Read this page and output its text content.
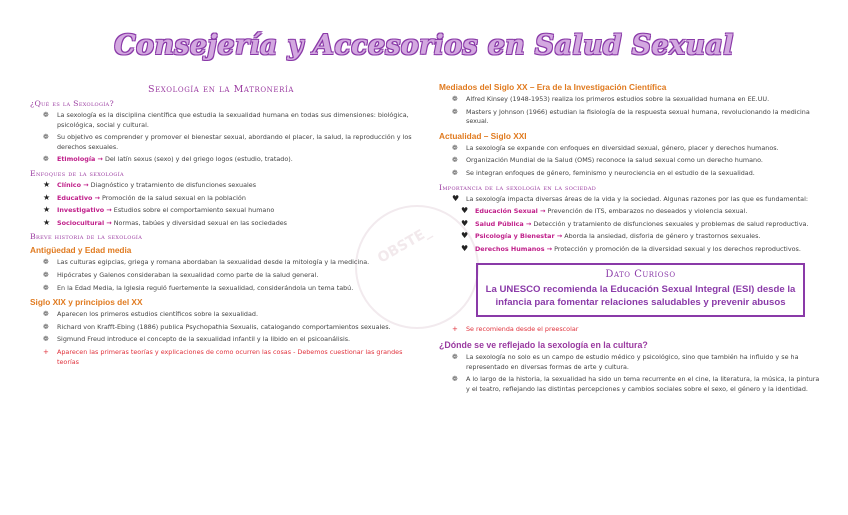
Consejería y Accesorios en Salud Sexual
OBSTE_
Sexología en la Matronería
¿Qué es la Sexología?
❁ La sexología es la disciplina científica que estudia la sexualidad humana en todas sus dimensiones: biológica, psicológica, social y cultural.
❁ Su objetivo es comprender y promover el bienestar sexual, abordando el placer, la salud, la reproducción y los derechos sexuales.
❁ Etimología → Del latín sexus (sexo) y del griego logos (estudio, tratado).
Enfoques de la sexología
★ Clínico → Diagnóstico y tratamiento de disfunciones sexuales
★ Educativo → Promoción de la salud sexual en la población
★ Investigativo → Estudios sobre el comportamiento sexual humano
★ Sociocultural → Normas, tabúes y diversidad sexual en las sociedades
Breve historia de la sexología
Antigüedad y Edad media
❁ Las culturas egipcias, griega y romana abordaban la sexualidad desde la mitología y la medicina.
❁ Hipócrates y Galenos consideraban la sexualidad como parte de la salud general.
❁ En la Edad Media, la Iglesia reguló fuertemente la sexualidad, considerándola un tema tabú.
Siglo XIX y principios del XX
❁ Aparecen los primeros estudios científicos sobre la sexualidad.
❁ Richard von Krafft-Ebing (1886) publica Psychopathia Sexualis, catalogando comportamientos sexuales.
❁ Sigmund Freud introduce el concepto de la sexualidad infantil y la libido en el psicoanálisis.
+ Aparecen las primeras teorías y explicaciones de como ocurren las cosas - Debemos cuestionar las grandes teorías
Mediados del Siglo XX – Era de la Investigación Científica
❁ Alfred Kinsey (1948-1953) realiza los primeros estudios sobre la sexualidad humana en EE.UU.
❁ Masters y Johnson (1966) estudian la fisiología de la respuesta sexual humana, revolucionando la medicina sexual.
Actualidad – Siglo XXI
❁ La sexología se expande con enfoques en diversidad sexual, género, placer y derechos humanos.
❁ Organización Mundial de la Salud (OMS) reconoce la salud sexual como un derecho humano.
❁ Se integran enfoques de género, feminismo y neurociencia en el estudio de la sexualidad.
Importancia de la sexología en la sociedad
♥ La sexología impacta diversas áreas de la vida y la sociedad. Algunas razones por las que es fundamental:
♥ Educación Sexual → Prevención de ITS, embarazos no deseados y violencia sexual.
♥ Salud Pública → Detección y tratamiento de disfunciones sexuales y problemas de salud reproductiva.
♥ Psicología y Bienestar → Aborda la ansiedad, disforia de género y trastornos sexuales.
♥ Derechos Humanos → Protección y promoción de la diversidad sexual y los derechos reproductivos.
Dato Curioso
La UNESCO recomienda la Educación Sexual Integral (ESI) desde la infancia para fomentar relaciones saludables y prevenir abusos
+ Se recomienda desde el preescolar
¿Dónde se ve reflejado la sexología en la cultura?
❁ La sexología no solo es un campo de estudio médico y psicológico, sino que también ha influido y se ha representado en diversas formas de arte y cultura.
❁ A lo largo de la historia, la sexualidad ha sido un tema recurrente en el cine, la literatura, la música, la pintura y el teatro, reflejando las distintas percepciones y cambios sociales sobre el sexo, el género y la identidad.
